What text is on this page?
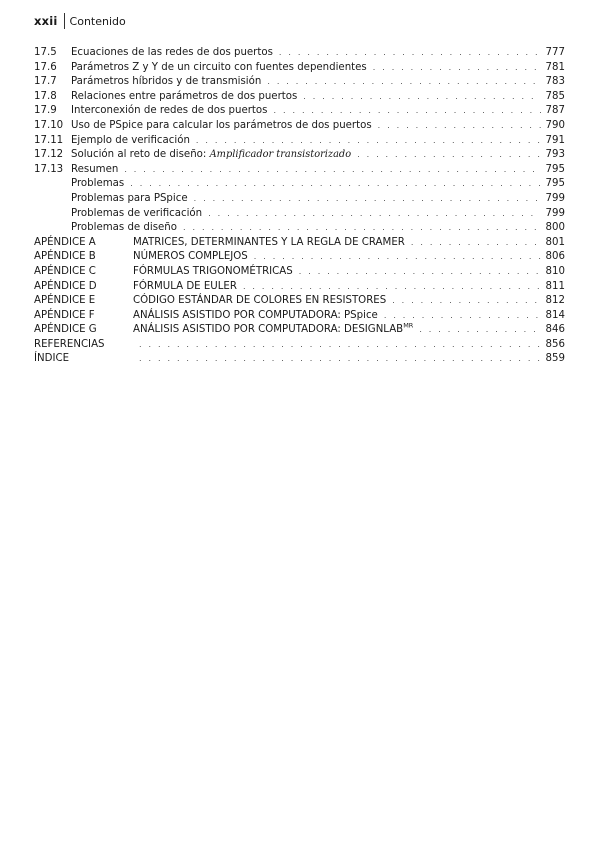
xxii Contenido
17.5	Ecuaciones de las redes de dos puertos . . .	777
17.6	Parámetros Z y Y de un circuito con fuentes dependientes . . .	781
17.7	Parámetros híbridos y de transmisión . . .	783
17.8	Relaciones entre parámetros de dos puertos . . .	785
17.9	Interconexión de redes de dos puertos . . .	787
17.10 Uso de PSpice para calcular los parámetros de dos puertos . . .	790
17.11 Ejemplo de verificación . . .	791
17.12 Solución al reto de diseño: Amplificador transistorizado . . .	793
17.13 Resumen . . .	795
Problemas . . .	795
Problemas para PSpice . . .	799
Problemas de verificación . . .	799
Problemas de diseño . . .	800
APÉNDICE A	MATRICES, DETERMINANTES Y LA REGLA DE CRAMER . . .	801
APÉNDICE B	NÚMEROS COMPLEJOS . . .	806
APÉNDICE C	FÓRMULAS TRIGONOMÉTRICAS . . .	810
APÉNDICE D	FÓRMULA DE EULER . . .	811
APÉNDICE E	CÓDIGO ESTÁNDAR DE COLORES EN RESISTORES . . .	812
APÉNDICE F	ANÁLISIS ASISTIDO POR COMPUTADORA: PSpice . . .	814
APÉNDICE G	ANÁLISIS ASISTIDO POR COMPUTADORA: $DESIGNLAB^{MR}$ . . .	846
REFERENCIAS . . .	856
ÍNDICE . . .	859
